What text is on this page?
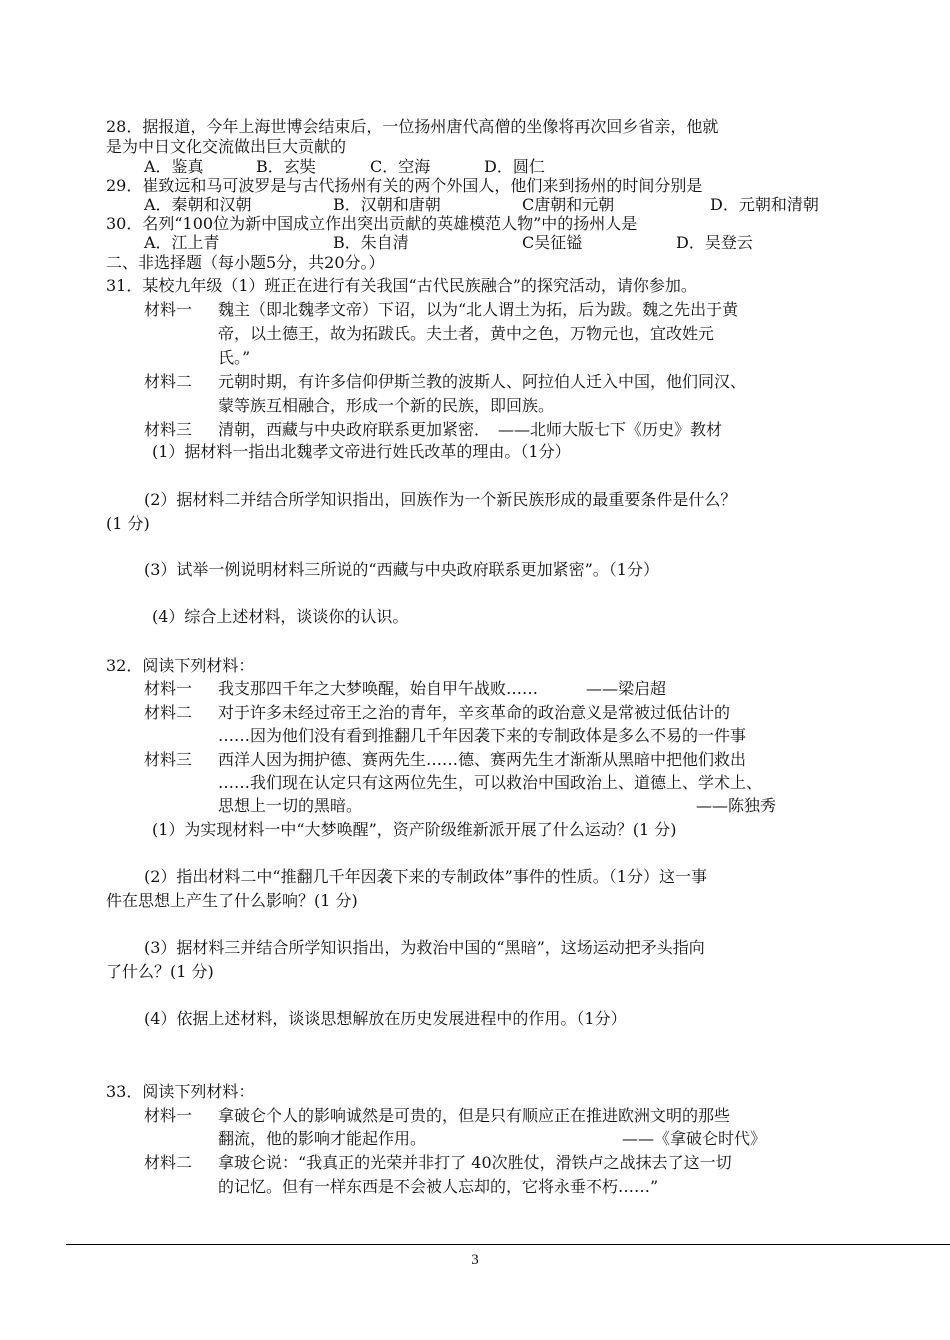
28．据报道，今年上海世博会结束后，一位扬州唐代高僧的坐像将再次回乡省亲，他就
是为中日文化交流做出巨大贡献的
A．鉴真	B．玄奘	C．空海	D．圆仁
29．崔致远和马可波罗是与古代扬州有关的两个外国人，他们来到扬州的时间分别是
A．秦朝和汉朝	B．汉朝和唐朝	C唐朝和元朝	D．元朝和清朝
30．名列“100位为新中国成立作出突出贡献的英雄模范人物”中的扬州人是
A．江上青	B．朱自清	C吴征镒	D．吴登云
二、非选择题（每小题5分，共20分。）
31．某校九年级（1）班正在进行有关我国“古代民族融合”的探究活动，请你参加。
材料一 魏主（即北魏孝文帝）下诏，以为“北人谓土为拓，后为跋。魏之先出于黄
帝，以土德王，故为拓跋氏。夫土者，黄中之色，万物元也，宜改姓元
氏。”
材料二 元朝时期，有许多信仰伊斯兰教的波斯人、阿拉伯人迁入中国，他们同汉、
蒙等族互相融合，形成一个新的民族，即回族。
材料三 清朝，西藏与中央政府联系更加紧密．　——北师大版七下《历史》教材
(1）据材料一指出北魏孝文帝进行姓氏改革的理由。（1分）
(2）据材料二并结合所学知识指出，回族作为一个新民族形成的最重要条件是什么？
(1 分)
(3）试举一例说明材料三所说的“西藏与中央政府联系更加紧密”。（1分）
(4）综合上述材料，谈谈你的认识。
32．阅读下列材料：
材料一 我支那四千年之大梦唤醒，始自甲午战败……　　　——梁启超
材料二 对于许多未经过帝王之治的青年，辛亥革命的政治意义是常被过低估计的
……因为他们没有看到推翻几千年因袭下来的专制政体是多么不易的一件事
材料三 西洋人因为拥护德、赛两先生……德、赛两先生才渐渐从黑暗中把他们救出
……我们现在认定只有这两位先生，可以救治中国政治上、道德上、学术上、
思想上一切的黑暗。	——陈独秀
(1）为实现材料一中“大梦唤醒”，资产阶级维新派开展了什么运动？(1 分)
(2）指出材料二中“推翻几千年因袭下来的专制政体”事件的性质。（1分）这一事
件在思想上产生了什么影响？(1 分)
(3）据材料三并结合所学知识指出，为救治中国的“黑暗”，这场运动把矛头指向
了什么？(1 分)
(4）依据上述材料，谈谈思想解放在历史发展进程中的作用。（1分）
33．阅读下列材料：
材料一 拿破仑个人的影响诚然是可贵的，但是只有顺应正在推进欧洲文明的那些
翻流，他的影响才能起作用。	——《拿破仑时代》
材料二 拿玻仑说：“我真正的光荣并非打了 40次胜仗，滑铁卢之战抹去了这一切
的记忆。但有一样东西是不会被人忘却的，它将永垂不朽……”
3
